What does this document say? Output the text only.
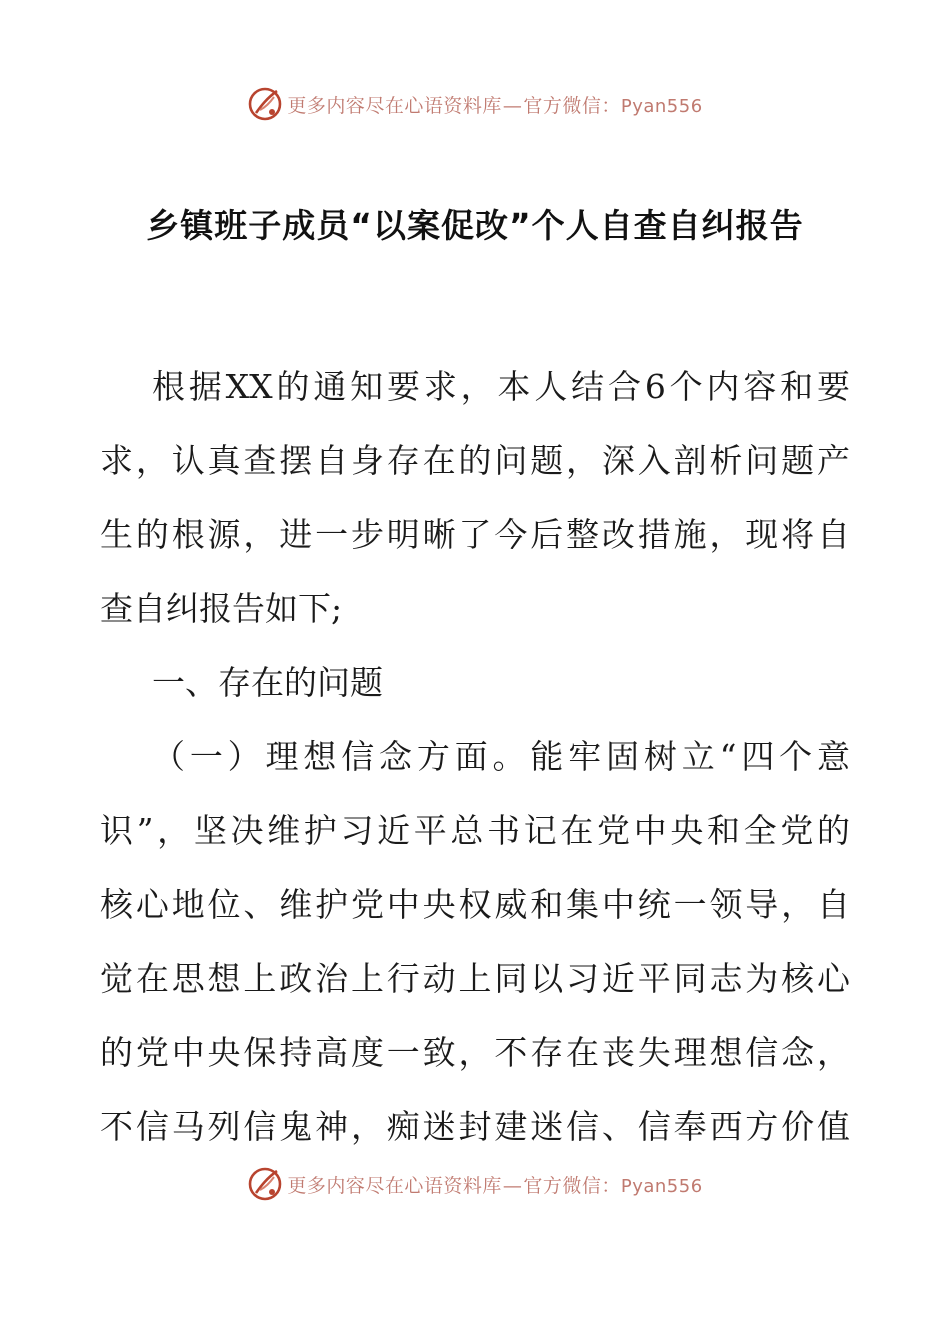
更多内容尽在心语资料库—官方微信：Pyan556
乡镇班子成员“以案促改”个人自查自纠报告
根据XX的通知要求，本人结合6个内容和要
求，认真查摆自身存在的问题，深入剖析问题产
生的根源，进一步明晰了今后整改措施，现将自
查自纠报告如下;
一、存在的问题
（一）理想信念方面。能牢固树立“四个意
识”，坚决维护习近平总书记在党中央和全党的
核心地位、维护党中央权威和集中统一领导，自
觉在思想上政治上行动上同以习近平同志为核心
的党中央保持高度一致，不存在丧失理想信念，
不信马列信鬼神，痴迷封建迷信、信奉西方价值
更多内容尽在心语资料库—官方微信：Pyan556
